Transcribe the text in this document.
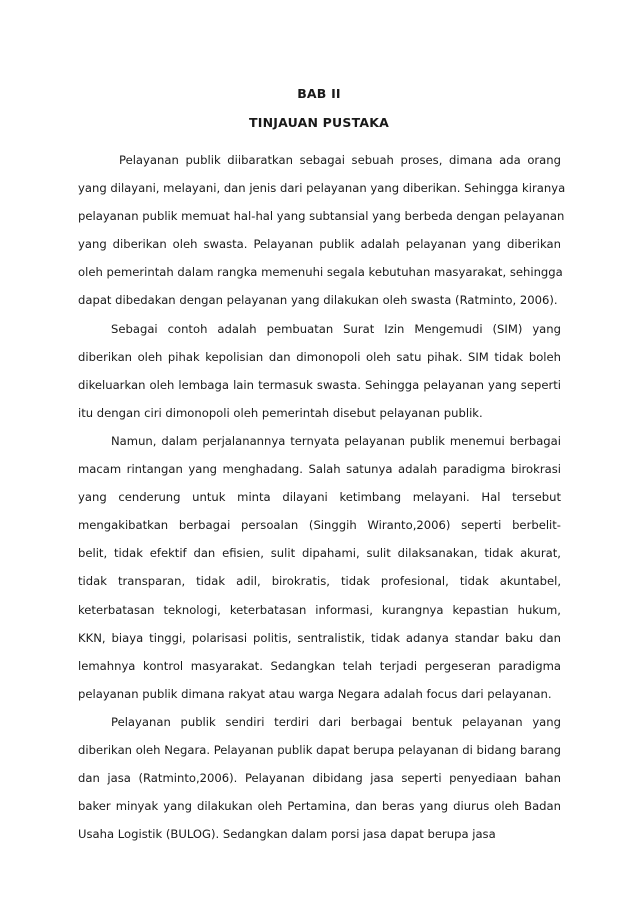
BAB II
TINJAUAN PUSTAKA
Pelayanan publik diibaratkan sebagai sebuah proses, dimana ada orang
yang dilayani, melayani, dan jenis dari pelayanan yang diberikan. Sehingga kiranya
pelayanan publik memuat hal-hal yang subtansial yang berbeda dengan pelayanan
yang diberikan oleh swasta. Pelayanan publik adalah pelayanan yang diberikan
oleh pemerintah dalam rangka memenuhi segala kebutuhan masyarakat, sehingga
dapat dibedakan dengan pelayanan yang dilakukan oleh swasta (Ratminto, 2006).
Sebagai contoh adalah pembuatan Surat Izin Mengemudi (SIM) yang
diberikan oleh pihak kepolisian dan dimonopoli oleh satu pihak. SIM tidak boleh
dikeluarkan oleh lembaga lain termasuk swasta. Sehingga pelayanan yang seperti
itu dengan ciri dimonopoli oleh pemerintah disebut pelayanan publik.
Namun, dalam perjalanannya ternyata pelayanan publik menemui berbagai
macam rintangan yang menghadang. Salah satunya adalah paradigma birokrasi
yang cenderung untuk minta dilayani ketimbang melayani. Hal tersebut
mengakibatkan berbagai persoalan (Singgih Wiranto,2006) seperti berbelit-
belit, tidak efektif dan efisien, sulit dipahami, sulit dilaksanakan, tidak akurat,
tidak transparan, tidak adil, birokratis, tidak profesional, tidak akuntabel,
keterbatasan teknologi, keterbatasan informasi, kurangnya kepastian hukum,
KKN, biaya tinggi, polarisasi politis, sentralistik, tidak adanya standar baku dan
lemahnya kontrol masyarakat. Sedangkan telah terjadi pergeseran paradigma
pelayanan publik dimana rakyat atau warga Negara adalah focus dari pelayanan.
Pelayanan publik sendiri terdiri dari berbagai bentuk pelayanan yang
diberikan oleh Negara. Pelayanan publik dapat berupa pelayanan di bidang barang
dan jasa (Ratminto,2006). Pelayanan dibidang jasa seperti penyediaan bahan
baker minyak yang dilakukan oleh Pertamina, dan beras yang diurus oleh Badan
Usaha Logistik (BULOG). Sedangkan dalam porsi jasa dapat berupa jasa
